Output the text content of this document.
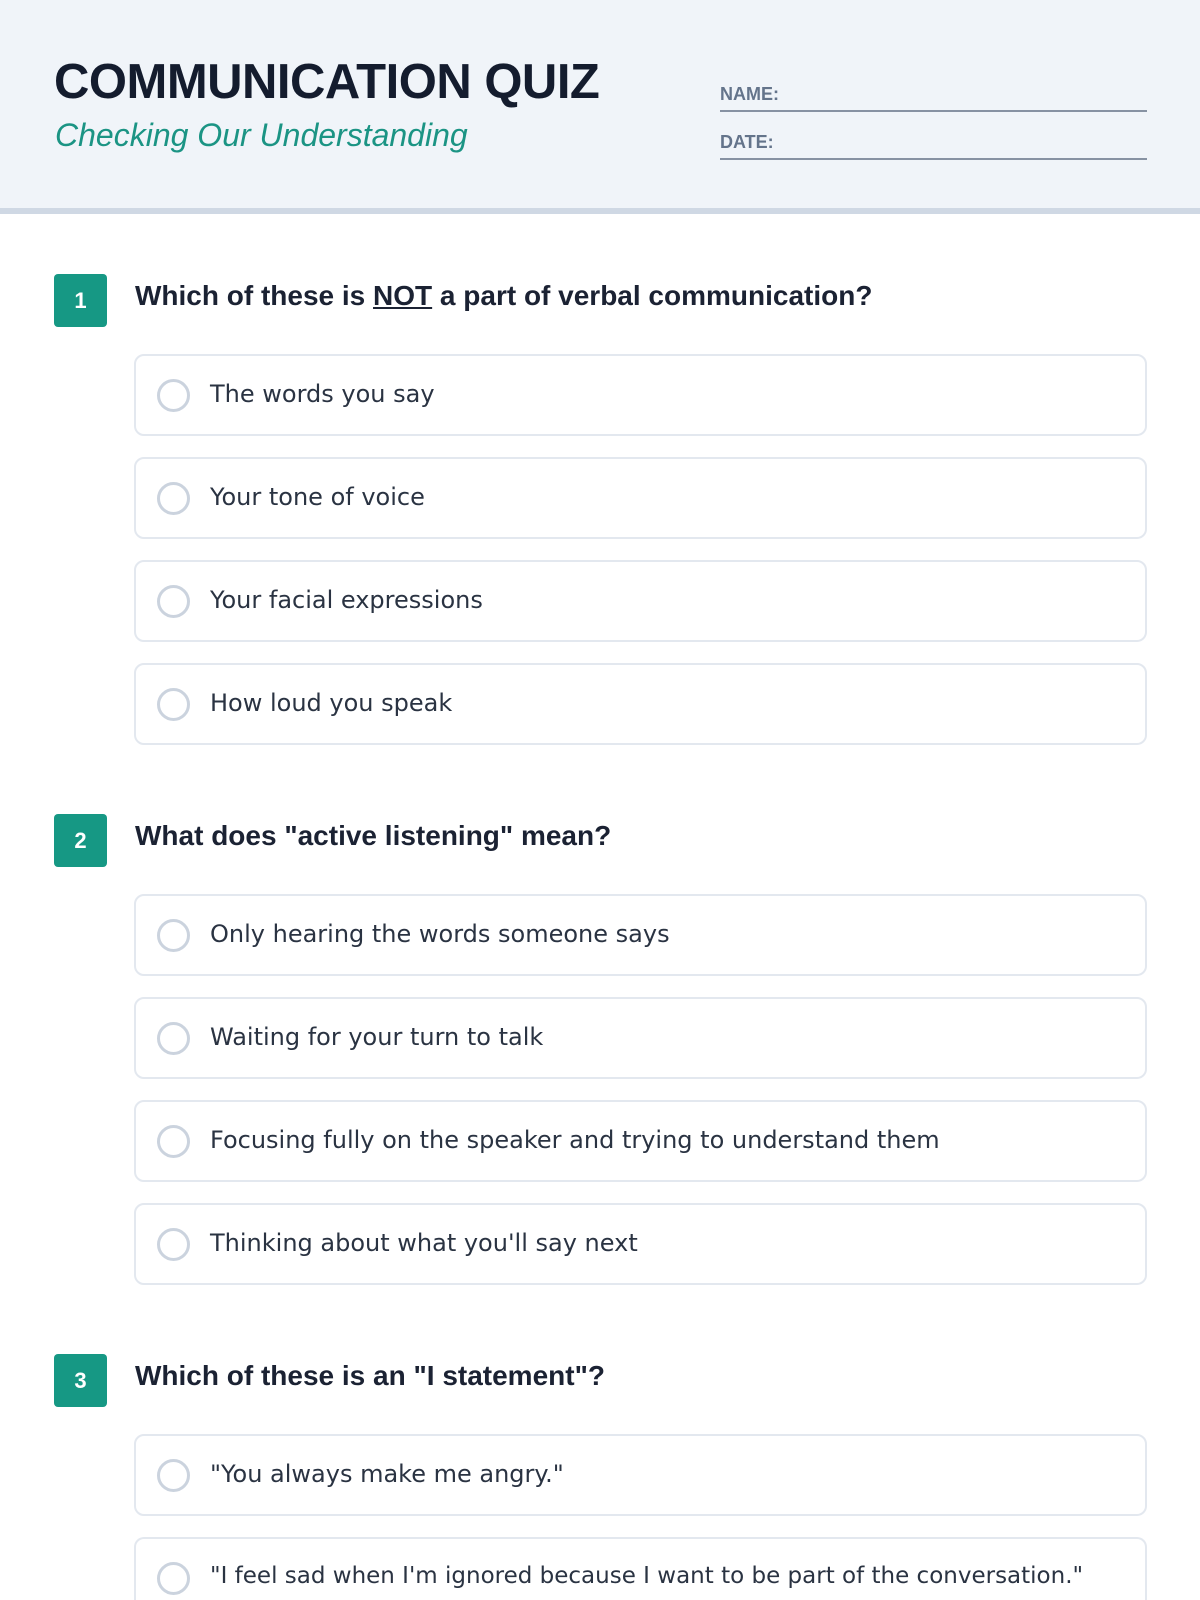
COMMUNICATION QUIZ
Checking Our Understanding
NAME:
DATE:
1	Which of these is NOT a part of verbal communication?
The words you say
Your tone of voice
Your facial expressions
How loud you speak
2	What does "active listening" mean?
Only hearing the words someone says
Waiting for your turn to talk
Focusing fully on the speaker and trying to understand them
Thinking about what you'll say next
3	Which of these is an "I statement"?
"You always make me angry."
"I feel sad when I'm ignored because I want to be part of the conversation."
